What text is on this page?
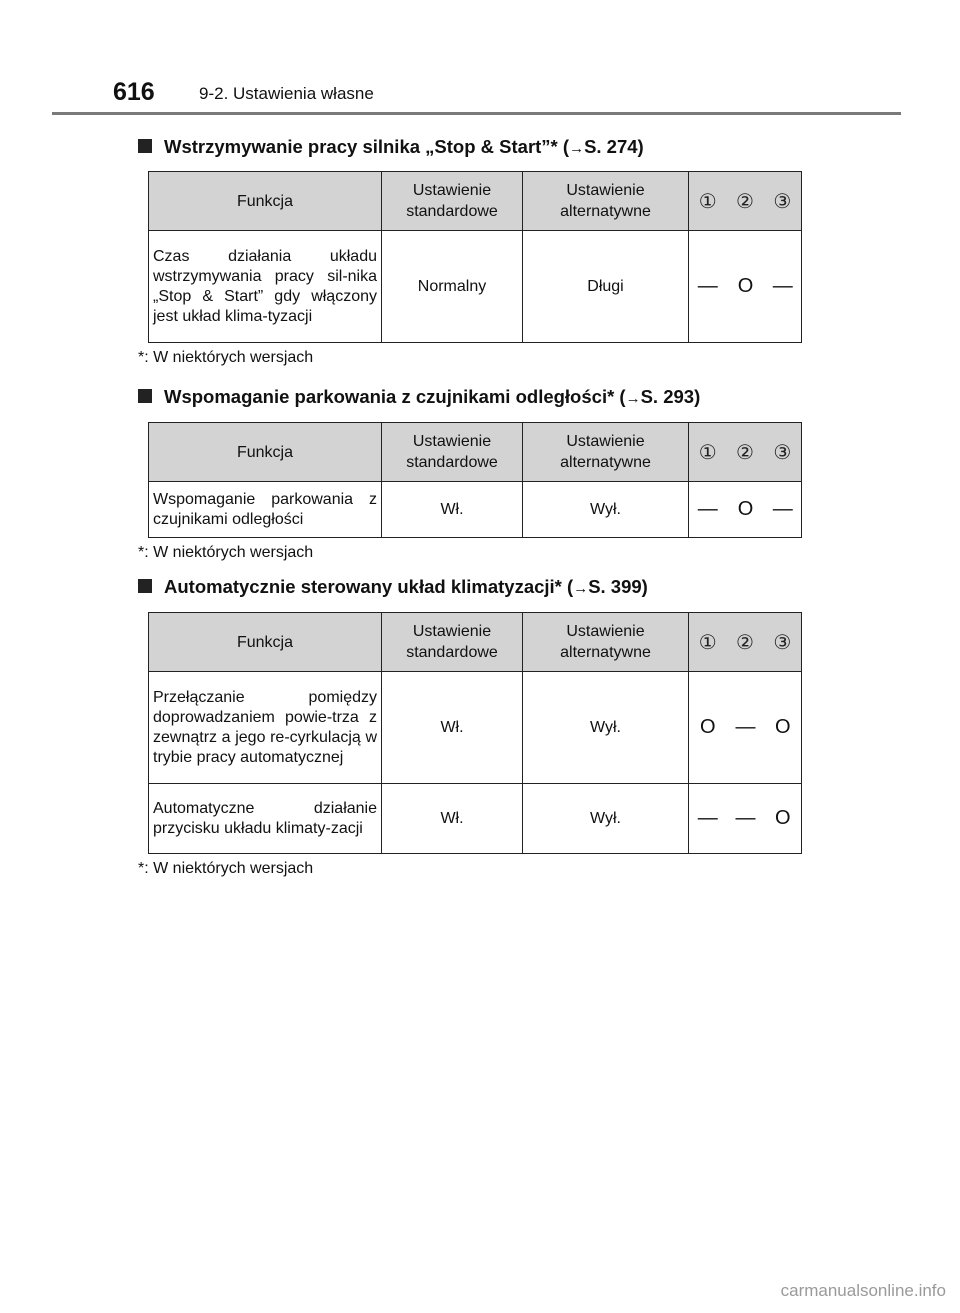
616	9-2. Ustawienia własne
Wstrzymywanie pracy silnika „Stop & Start”* (→S. 274)
Funkcja	Ustawienie standardowe	Ustawienie alternatywne	① ② ③		

Czas działania układu wstrzymywania pracy sil-nika „Stop & Start” gdy włączony jest układ klima-tyzacji	Normalny	Długi	—	O	—
*: W niektórych wersjach
Wspomaganie parkowania z czujnikami odległości* (→S. 293)
Funkcja	Ustawienie standardowe	Ustawienie alternatywne	① ② ③		

Wspomaganie parkowania z czujnikami odległości	Wł.	Wył.	—	O	—
*: W niektórych wersjach
Automatycznie sterowany układ klimatyzacji* (→S. 399)
Funkcja	Ustawienie standardowe	Ustawienie alternatywne	① ② ③		

Przełączanie pomiędzy doprowadzaniem powie-trza z zewnątrz a jego re-cyrkulacją w trybie pracy automatycznej	Wł.	Wył.	O	—	O
Automatyczne działanie przycisku układu klimaty-zacji	Wł.	Wył.	—	—	O
*: W niektórych wersjach
carmanualsonline.info
